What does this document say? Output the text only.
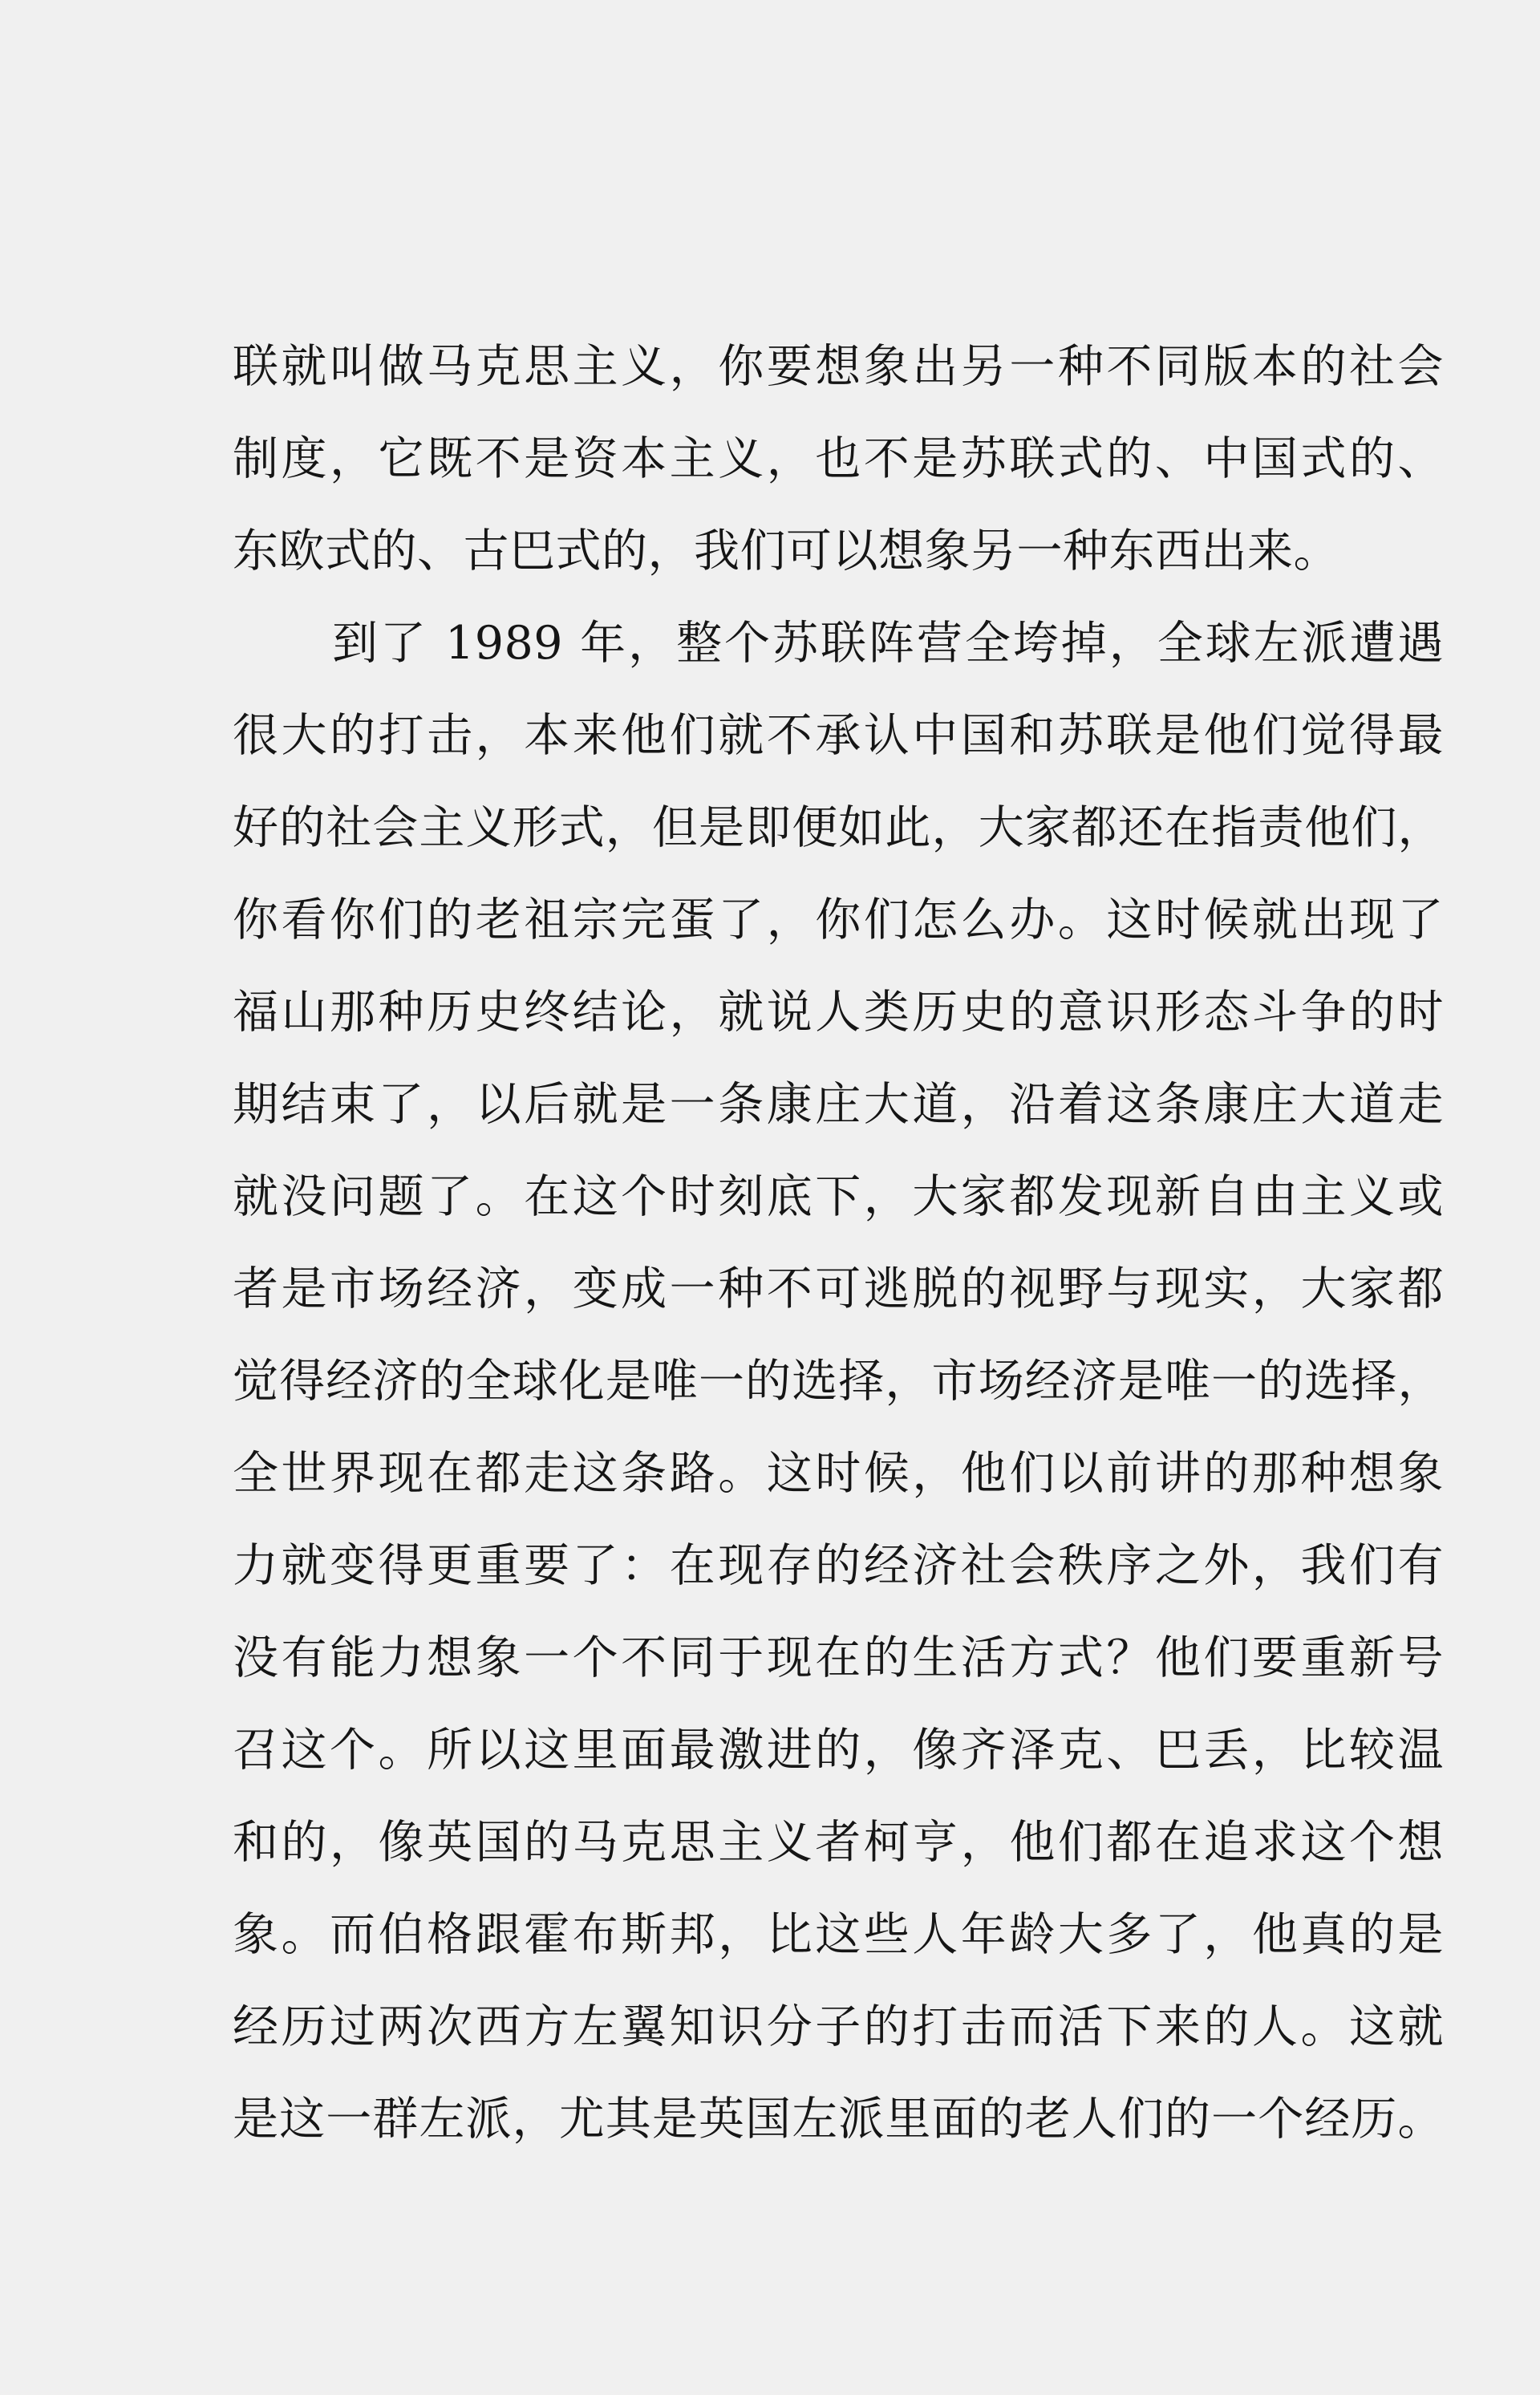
联就叫做马克思主义，你要想象出另一种不同版本的社会
制度，它既不是资本主义，也不是苏联式的、中国式的、
东欧式的、古巴式的，我们可以想象另一种东西出来。
到了 1989 年，整个苏联阵营全垮掉，全球左派遭遇
很大的打击，本来他们就不承认中国和苏联是他们觉得最
好的社会主义形式，但是即便如此，大家都还在指责他们，
你看你们的老祖宗完蛋了，你们怎么办。这时候就出现了
福山那种历史终结论，就说人类历史的意识形态斗争的时
期结束了，以后就是一条康庄大道，沿着这条康庄大道走
就没问题了。在这个时刻底下，大家都发现新自由主义或
者是市场经济，变成一种不可逃脱的视野与现实，大家都
觉得经济的全球化是唯一的选择，市场经济是唯一的选择，
全世界现在都走这条路。这时候，他们以前讲的那种想象
力就变得更重要了：在现存的经济社会秩序之外，我们有
没有能力想象一个不同于现在的生活方式？他们要重新号
召这个。所以这里面最激进的，像齐泽克、巴丢，比较温
和的，像英国的马克思主义者柯亨，他们都在追求这个想
象。而伯格跟霍布斯邦，比这些人年龄大多了，他真的是
经历过两次西方左翼知识分子的打击而活下来的人。这就
是这一群左派，尤其是英国左派里面的老人们的一个经历。
